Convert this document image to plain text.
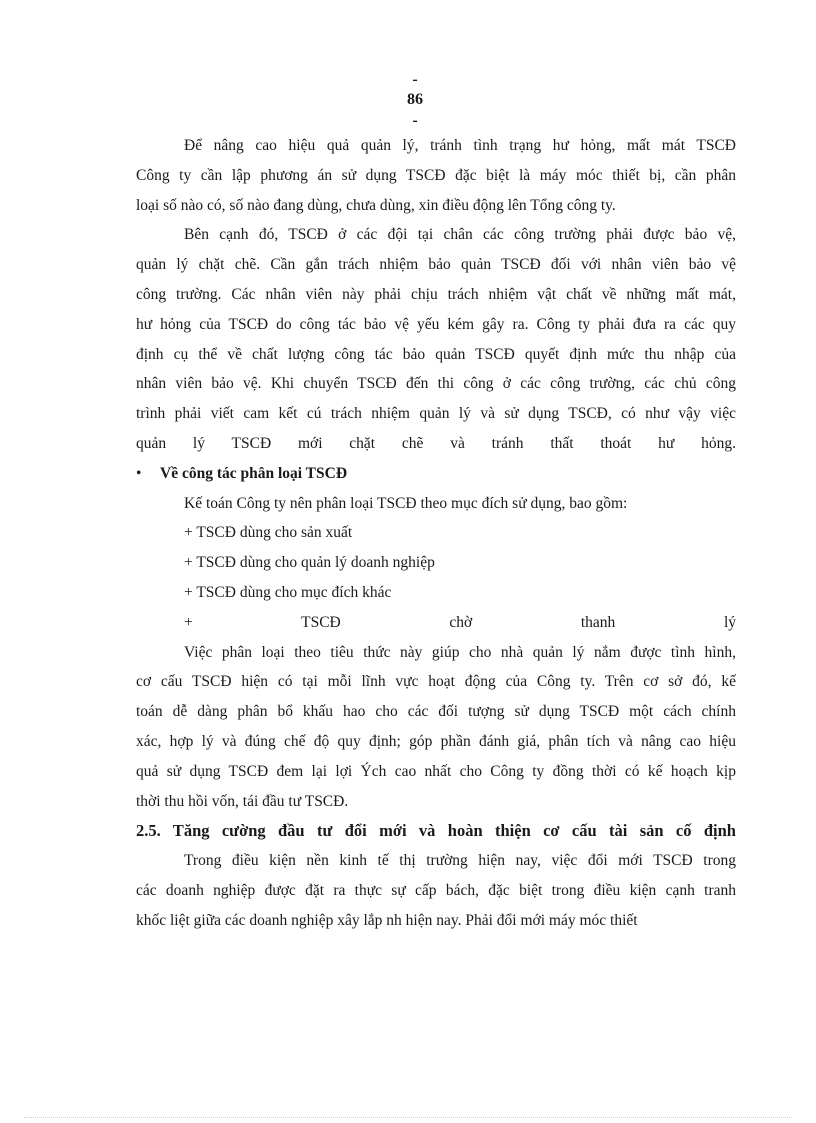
-
86
-
Để nâng cao hiệu quả quản lý, tránh tình trạng hư hỏng, mất mát TSCĐ
Công ty cần lập phương án sử dụng TSCĐ đặc biệt là máy móc thiết bị, cần phân
loại số nào có, số nào đang dùng, chưa dùng, xin điều động lên Tổng công ty.
Bên cạnh đó, TSCĐ ở các đội tại chân các công trường phải được bảo vệ,
quản lý chặt chẽ. Cần gắn trách nhiệm bảo quản TSCĐ đối với nhân viên bảo vệ
công trường. Các nhân viên này phải chịu trách nhiệm vật chất về những mất mát,
hư hỏng của TSCĐ do công tác bảo vệ yếu kém gây ra. Công ty phải đưa ra các quy
định cụ thể về chất lượng công tác bảo quản TSCĐ quyết định mức thu nhập của
nhân viên bảo vệ. Khi chuyển TSCĐ đến thi công ở các công trường, các chủ công
trình phải viết cam kết cú trách nhiệm quản lý và sử dụng TSCĐ, có như vậy việc
quản lý TSCĐ mới chặt chẽ và tránh thất thoát hư hỏng.
• Về công tác phân loại TSCĐ
Kế toán Công ty nên phân loại TSCĐ theo mục đích sử dụng, bao gồm:
+ TSCĐ dùng cho sản xuất
+ TSCĐ dùng cho quản lý doanh nghiệp
+ TSCĐ dùng cho mục đích khác
+ TSCĐ chờ thanh lý
Việc phân loại theo tiêu thức này giúp cho nhà quản lý nắm được tình hình,
cơ cấu TSCĐ hiện có tại mỗi lĩnh vực hoạt động của Công ty. Trên cơ sở đó, kế
toán dễ dàng phân bổ khấu hao cho các đối tượng sử dụng TSCĐ một cách chính
xác, hợp lý và đúng chế độ quy định; góp phần đánh giá, phân tích và nâng cao hiệu
quả sử dụng TSCĐ đem lại lợi Ých cao nhất cho Công ty đồng thời có kế hoạch kịp
thời thu hồi vốn, tái đầu tư TSCĐ.
2.5. Tăng cường đầu tư đổi mới và hoàn thiện cơ cấu tài sản cố định
Trong điều kiện nền kinh tế thị trường hiện nay, việc đổi mới TSCĐ trong
các doanh nghiệp được đặt ra thực sự cấp bách, đặc biệt trong điều kiện cạnh tranh
khốc liệt giữa các doanh nghiệp xây lắp nh hiện nay. Phải đổi mới máy móc thiết
